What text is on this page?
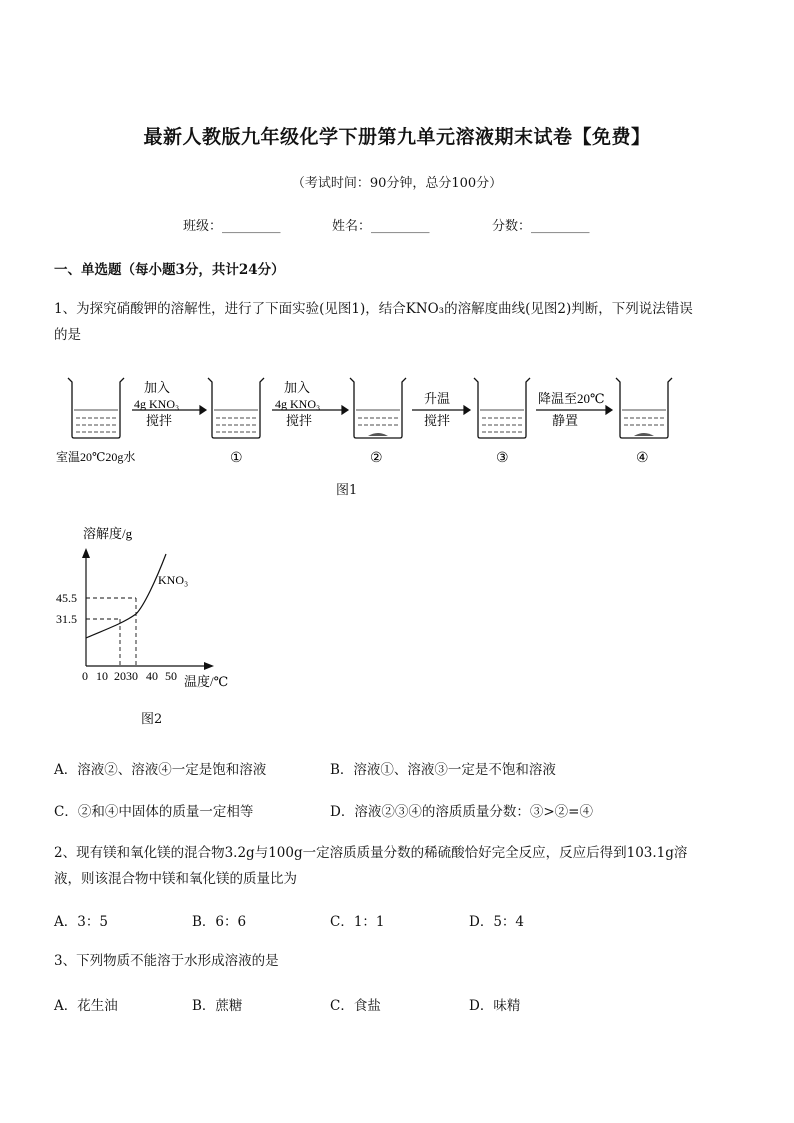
最新人教版九年级化学下册第九单元溶液期末试卷【免费】
（考试时间：90分钟，总分100分）
班级：_________	姓名：_________	分数：_________
一、单选题（每小题3分，共计24分）
1、为探究硝酸钾的溶解性，进行了下面实验(见图1)，结合KNO₃的溶解度曲线(见图2)判断，下列说法错误
的是
加入
4g KNO₃
搅拌
加入
4g KNO₃
搅拌
升温
搅拌
降温至20℃
静置
室温20℃20g水	①	②	③	④
图1
溶解度/g
KNO₃
45.5
31.5
0 10 2030 40 50 温度/℃
图2
A．溶液②、溶液④一定是饱和溶液	B．溶液①、溶液③一定是不饱和溶液
C．②和④中固体的质量一定相等	D．溶液②③④的溶质质量分数：③>②=④
2、现有镁和氧化镁的混合物3.2g与100g一定溶质质量分数的稀硫酸恰好完全反应，反应后得到103.1g溶
液，则该混合物中镁和氧化镁的质量比为
A．3：5	B．6：6	C．1：1	D．5：4
3、下列物质不能溶于水形成溶液的是
A．花生油	B．蔗糖	C．食盐	D．味精
